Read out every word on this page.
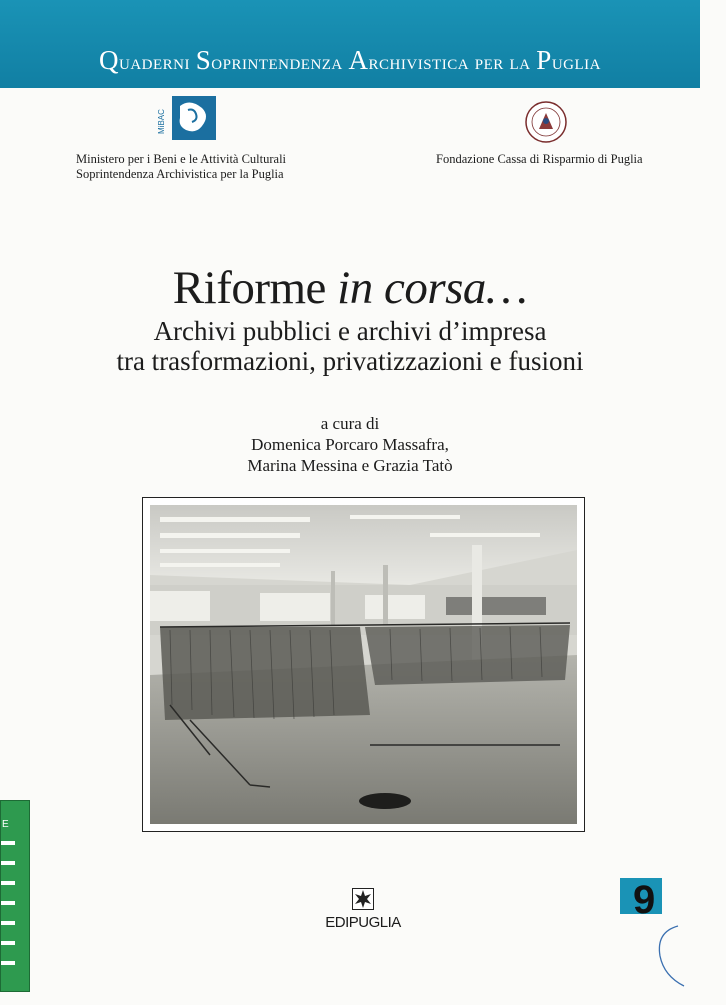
Quaderni Soprintendenza Archivistica per la Puglia
MiBAC
Ministero per i Beni e le Attività Culturali
Soprintendenza Archivistica per la Puglia
Fondazione Cassa di Risparmio di Puglia
Riforme in corsa…
Archivi pubblici e archivi d’impresa
tra trasformazioni, privatizzazioni e fusioni
a cura di
Domenica Porcaro Massafra,
Marina Messina e Grazia Tatò
E
EDIPUGLIA
9
